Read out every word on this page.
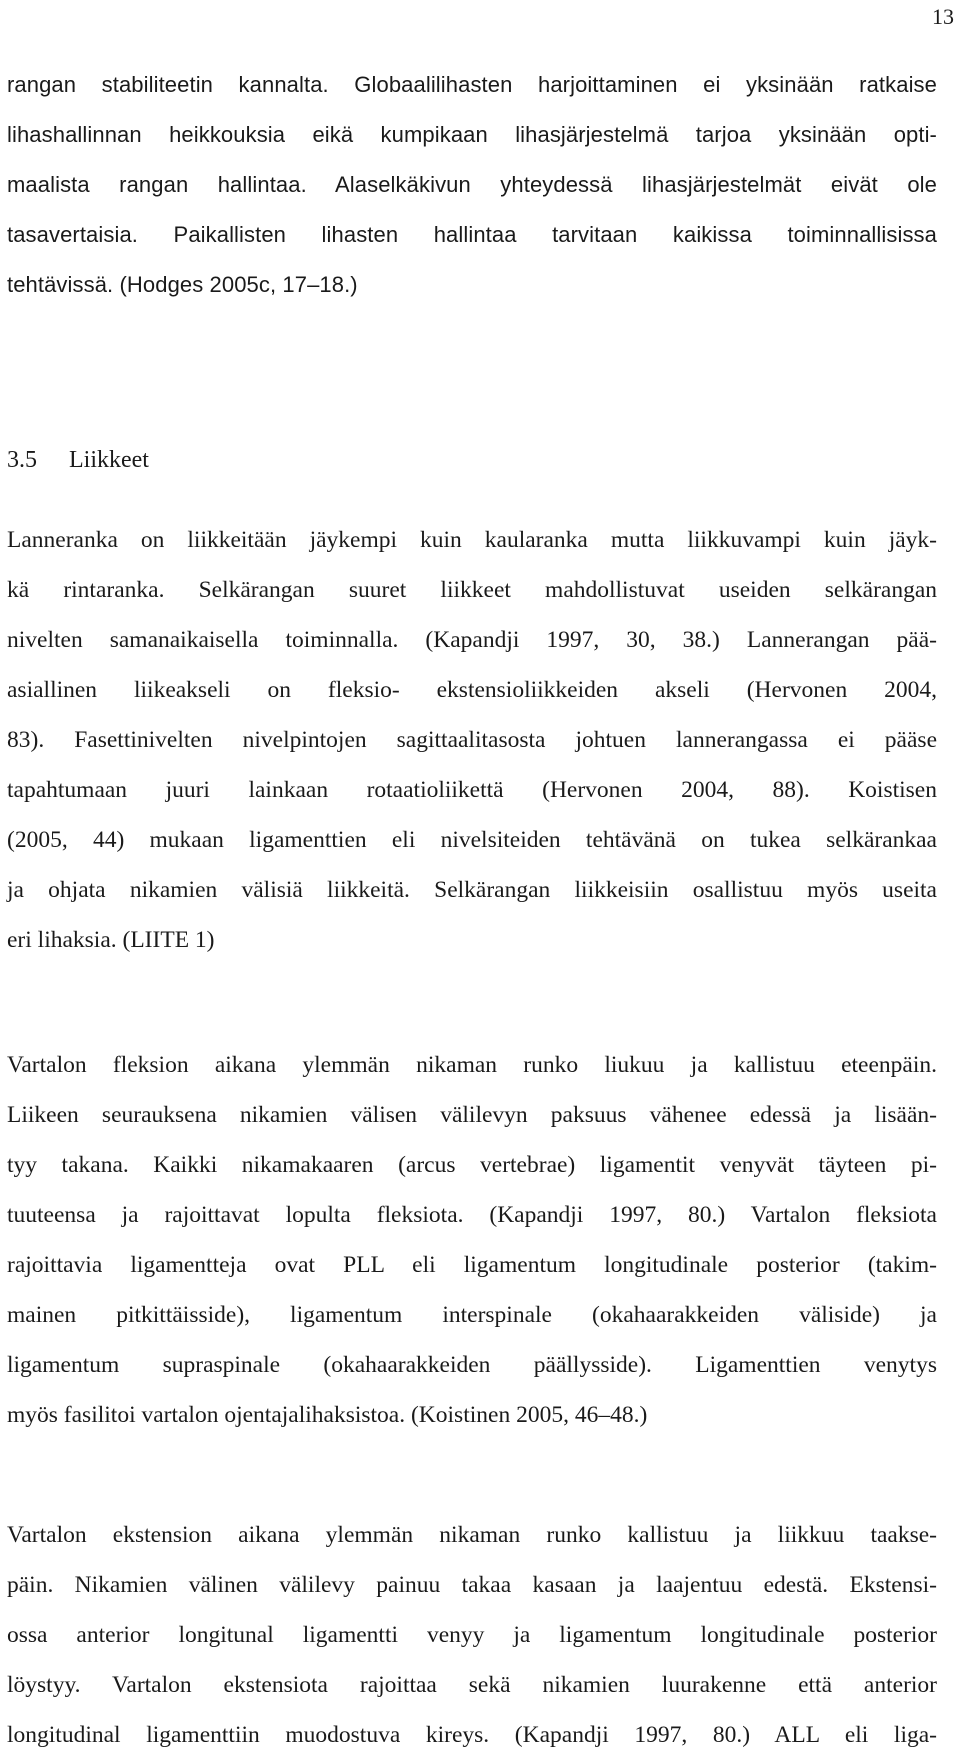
13
rangan stabiliteetin kannalta. Globaalilihasten harjoittaminen ei yksinään ratkaise
lihashallinnan heikkouksia eikä kumpikaan lihasjärjestelmä tarjoa yksinään opti-
maalista rangan hallintaa. Alaselkäkivun yhteydessä lihasjärjestelmät eivät ole
tasavertaisia. Paikallisten lihasten hallintaa tarvitaan kaikissa toiminnallisissa
tehtävissä. (Hodges 2005c, 17–18.)
3.5 Liikkeet
Lanneranka on liikkeitään jäykempi kuin kaularanka mutta liikkuvampi kuin jäyk-
kä rintaranka. Selkärangan suuret liikkeet mahdollistuvat useiden selkärangan
nivelten samanaikaisella toiminnalla. (Kapandji 1997, 30, 38.) Lannerangan pää-
asiallinen liikeakseli on fleksio- ekstensioliikkeiden akseli (Hervonen 2004,
83). Fasettinivelten nivelpintojen sagittaalitasosta johtuen lannerangassa ei pääse
tapahtumaan juuri lainkaan rotaatioliikettä (Hervonen 2004, 88). Koistisen
(2005, 44) mukaan ligamenttien eli nivelsiteiden tehtävänä on tukea selkärankaa
ja ohjata nikamien välisiä liikkeitä. Selkärangan liikkeisiin osallistuu myös useita
eri lihaksia. (LIITE 1)
Vartalon fleksion aikana ylemmän nikaman runko liukuu ja kallistuu eteenpäin.
Liikeen seurauksena nikamien välisen välilevyn paksuus vähenee edessä ja lisään-
tyy takana. Kaikki nikamakaaren (arcus vertebrae) ligamentit venyvät täyteen pi-
tuuteensa ja rajoittavat lopulta fleksiota. (Kapandji 1997, 80.) Vartalon fleksiota
rajoittavia ligamentteja ovat PLL eli ligamentum longitudinale posterior (takim-
mainen pitkittäisside), ligamentum interspinale (okahaarakkeiden väliside) ja
ligamentum supraspinale (okahaarakkeiden päällysside). Ligamenttien venytys
myös fasilitoi vartalon ojentajalihaksistoa. (Koistinen 2005, 46–48.)
Vartalon ekstension aikana ylemmän nikaman runko kallistuu ja liikkuu taakse-
päin. Nikamien välinen välilevy painuu takaa kasaan ja laajentuu edestä. Ekstensi-
ossa anterior longitunal ligamentti venyy ja ligamentum longitudinale posterior
löystyy. Vartalon ekstensiota rajoittaa sekä nikamien luurakenne että anterior
longitudinal ligamenttiin muodostuva kireys. (Kapandji 1997, 80.) ALL eli liga-
